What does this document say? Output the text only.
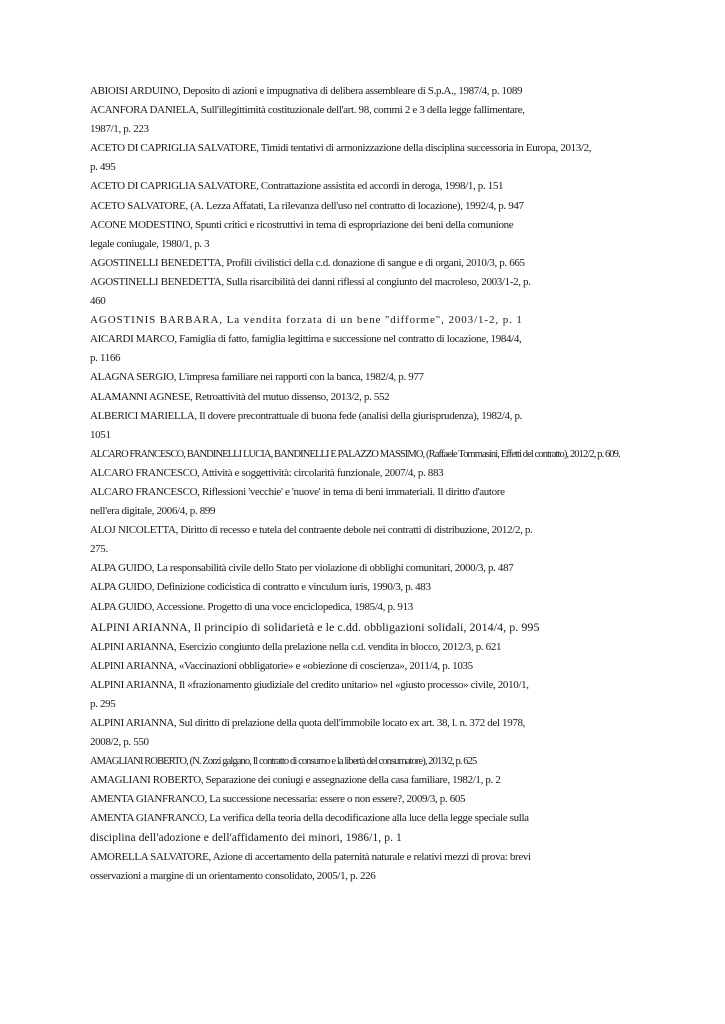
ABIOISI ARDUINO, Deposito di azioni e impugnativa di delibera assembleare di S.p.A., 1987/4, p. 1089
ACANFORA DANIELA, Sull'illegittimità costituzionale dell'art. 98, commi 2 e 3 della legge fallimentare,
1987/1, p. 223
ACETO DI CAPRIGLIA SALVATORE, Timidi tentativi di armonizzazione della disciplina successoria in Europa, 2013/2,
p. 495
ACETO DI CAPRIGLIA SALVATORE, Contrattazione assistita ed accordi in deroga, 1998/1, p. 151
ACETO SALVATORE, (A. Lezza Affatati, La rilevanza dell'uso nel contratto di locazione), 1992/4, p. 947
ACONE MODESTINO, Spunti critici e ricostruttivi in tema di espropriazione dei beni della comunione
legale coniugale, 1980/1, p. 3
AGOSTINELLI BENEDETTA, Profili civilistici della c.d. donazione di sangue e di organi, 2010/3, p. 665
AGOSTINELLI BENEDETTA, Sulla risarcibilità dei danni riflessi al congiunto del macroleso, 2003/1-2, p.
460
AGOSTINIS BARBARA, La vendita forzata di un bene "difforme", 2003/1-2, p. 1
AICARDI MARCO, Famiglia di fatto, famiglia legittima e successione nel contratto di locazione, 1984/4,
p. 1166
ALAGNA SERGIO, L'impresa familiare nei rapporti con la banca, 1982/4, p. 977
ALAMANNI AGNESE, Retroattività del mutuo dissenso, 2013/2, p. 552
ALBERICI MARIELLA, Il dovere precontrattuale di buona fede (analisi della giurisprudenza), 1982/4, p.
1051
ALCARO FRANCESCO, BANDINELLI LUCIA, BANDINELLI E PALAZZO MASSIMO, (Raffaele Tommasini, Effetti del contratto), 2012/2, p. 609.
ALCARO FRANCESCO, Attività e soggettività: circolarità funzionale, 2007/4, p. 883
ALCARO FRANCESCO, Riflessioni 'vecchie' e 'nuove' in tema di beni immateriali. Il diritto d'autore
nell'era digitale, 2006/4, p. 899
ALOJ NICOLETTA, Diritto di recesso e tutela del contraente debole nei contratti di distribuzione, 2012/2, p.
275.
ALPA GUIDO, La responsabilità civile dello Stato per violazione di obblighi comunitari, 2000/3, p. 487
ALPA GUIDO, Definizione codicistica di contratto e vinculum iuris, 1990/3, p. 483
ALPA GUIDO, Accessione. Progetto di una voce enciclopedica, 1985/4, p. 913
ALPINI ARIANNA, Il principio di solidarietà e le c.dd. obbligazioni solidali, 2014/4, p. 995
ALPINI ARIANNA, Esercizio congiunto della prelazione nella c.d. vendita in blocco, 2012/3, p. 621
ALPINI ARIANNA, «Vaccinazioni obbligatorie» e «obiezione di coscienza», 2011/4, p. 1035
ALPINI ARIANNA, Il «frazionamento giudiziale del credito unitario» nel «giusto processo» civile, 2010/1,
p. 295
ALPINI ARIANNA, Sul diritto di prelazione della quota dell'immobile locato ex art. 38, l. n. 372 del 1978,
2008/2, p. 550
AMAGLIANI ROBERTO, (N. Zorzi galgano, Il contratto di consumo e la libertà del consumatore), 2013/2, p. 625
AMAGLIANI ROBERTO, Separazione dei coniugi e assegnazione della casa familiare, 1982/1, p. 2
AMENTA GIANFRANCO, La successione necessaria: essere o non essere?, 2009/3, p. 605
AMENTA GIANFRANCO, La verifica della teoria della decodificazione alla luce della legge speciale sulla
disciplina dell'adozione e dell'affidamento dei minori, 1986/1, p. 1
AMORELLA SALVATORE, Azione di accertamento della paternità naturale e relativi mezzi di prova: brevi
osservazioni a margine di un orientamento consolidato, 2005/1, p. 226
